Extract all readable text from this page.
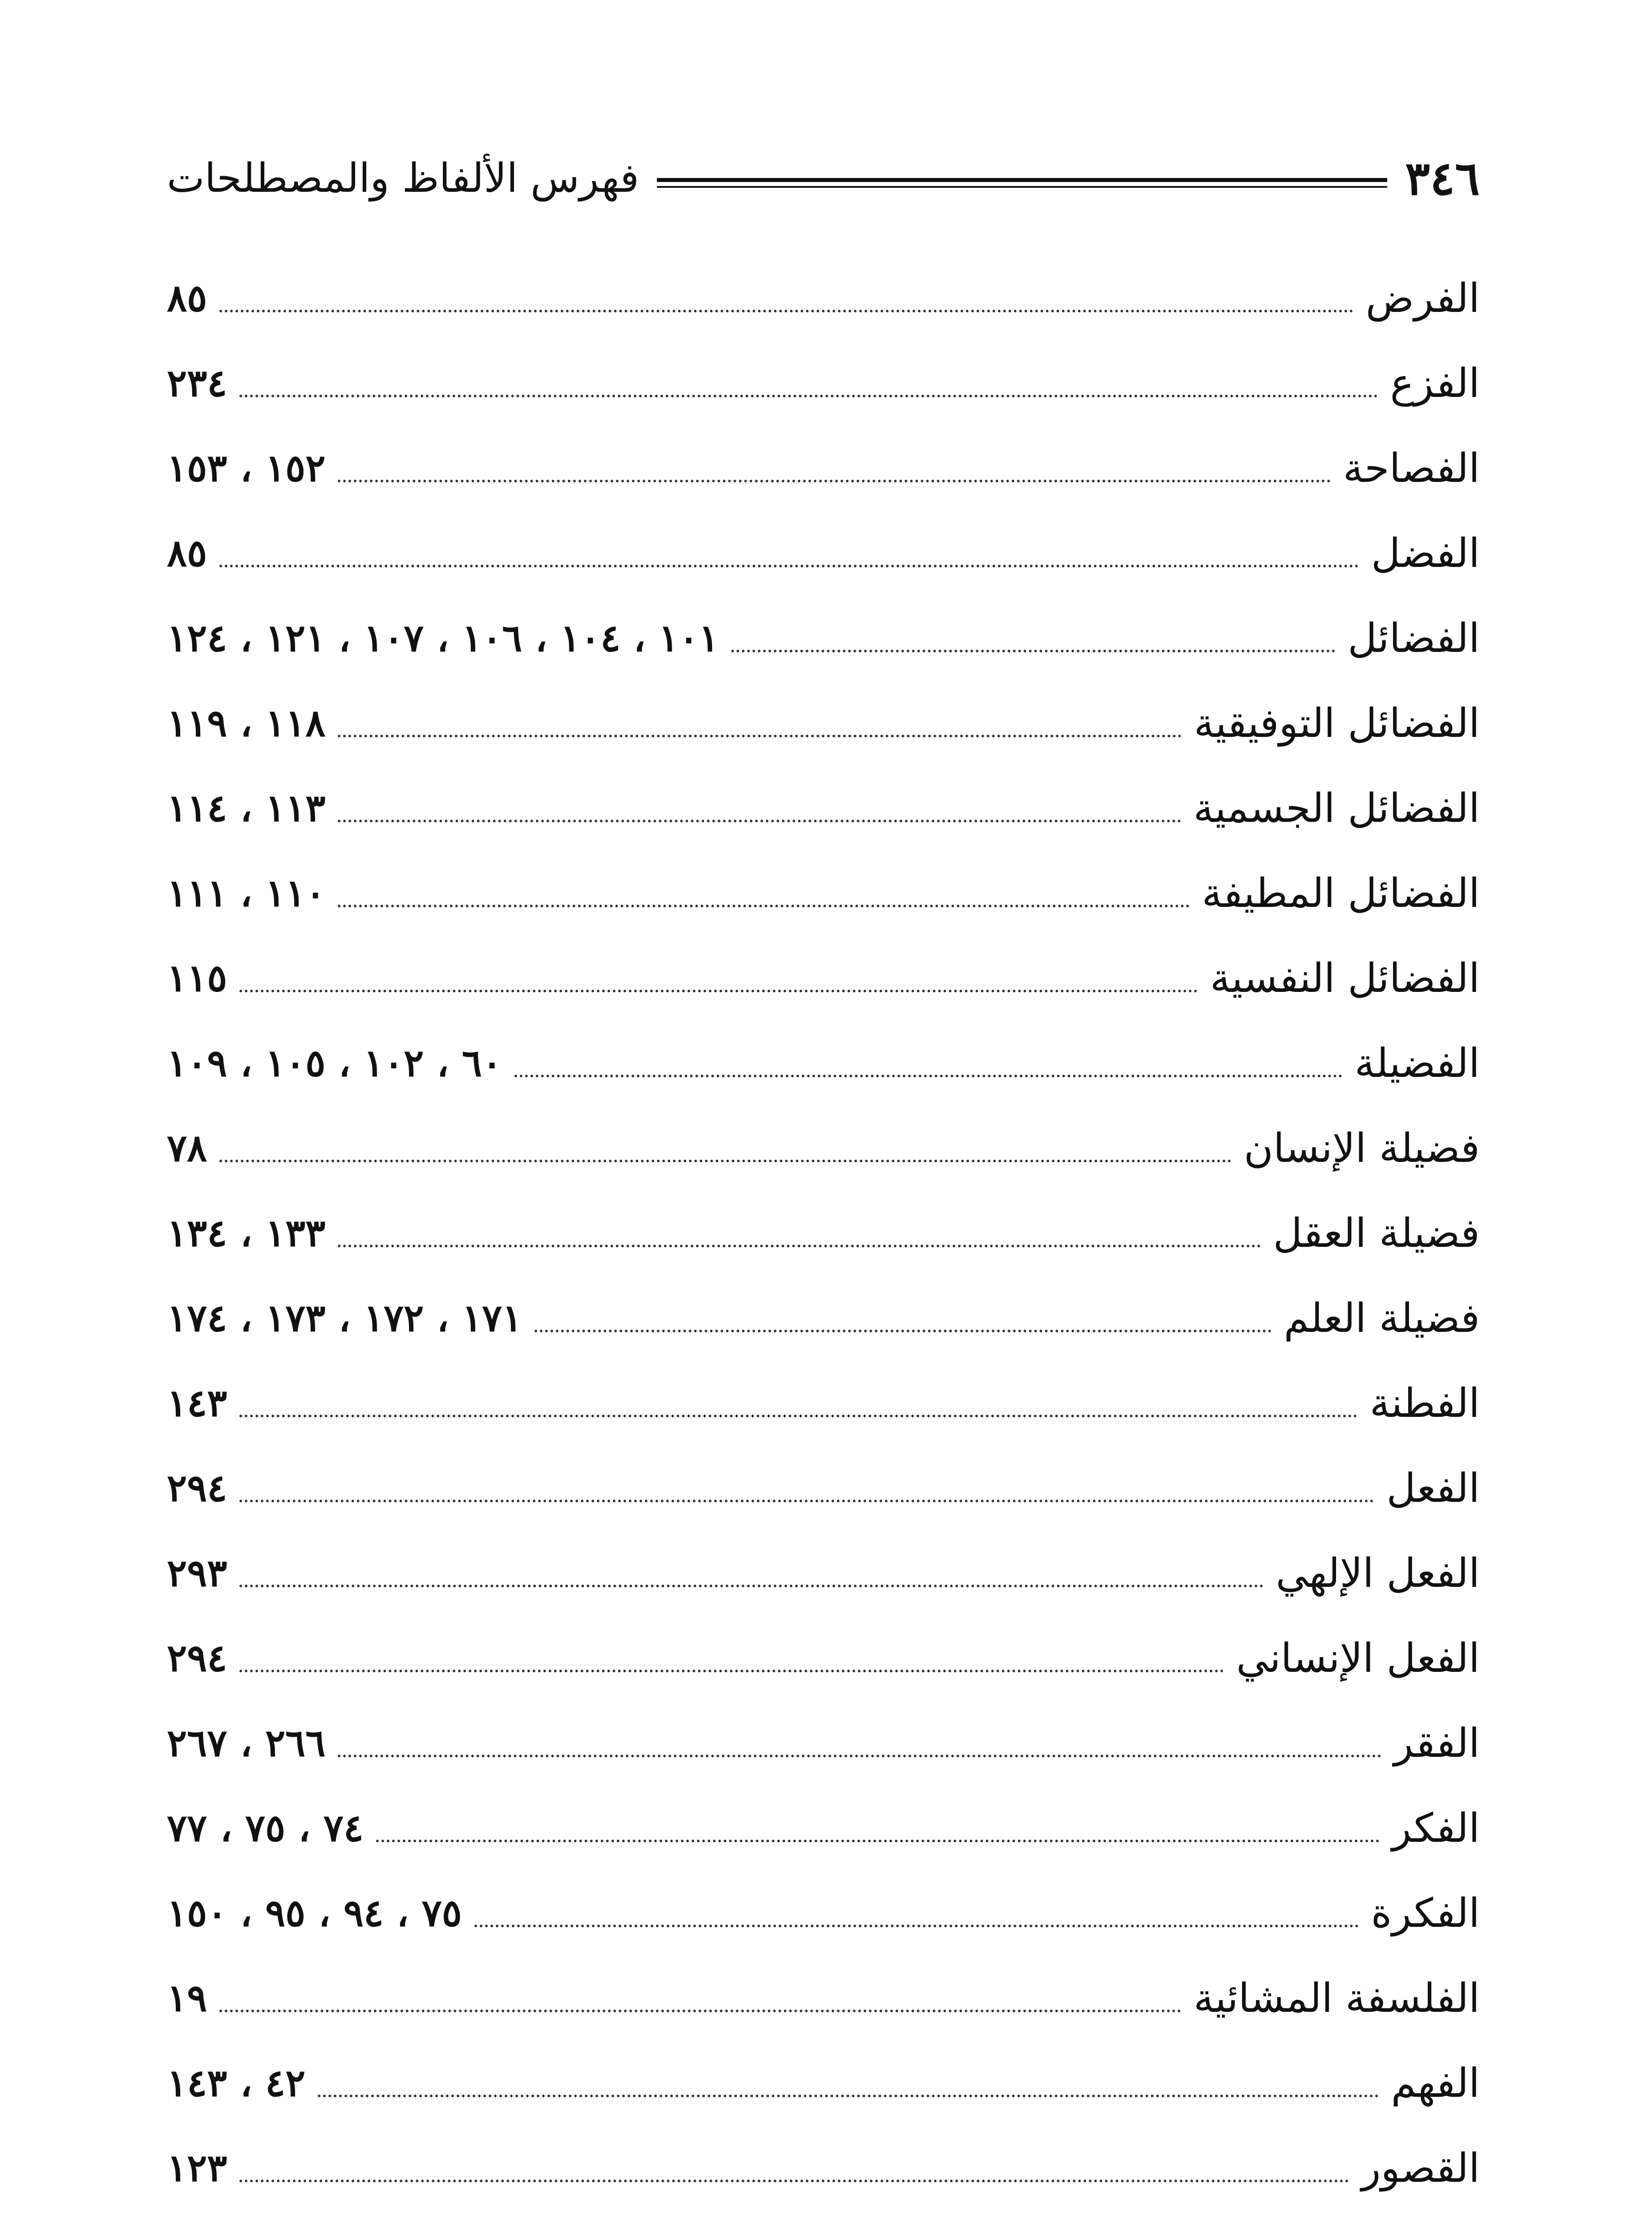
٣٤٦
فهرس الألفاظ والمصطلحات
الفرض
٨٥
الفزع
٢٣٤
الفصاحة
١٥٢ ، ١٥٣
الفضل
٨٥
الفضائل
١٠١ ، ١٠٤ ، ١٠٦ ، ١٠٧ ، ١٢١ ، ١٢٤
الفضائل التوفيقية
١١٨ ، ١١٩
الفضائل الجسمية
١١٣ ، ١١٤
الفضائل المطيفة
١١٠ ، ١١١
الفضائل النفسية
١١٥
الفضيلة
٦٠ ، ١٠٢ ، ١٠٥ ، ١٠٩
فضيلة الإنسان
٧٨
فضيلة العقل
١٣٣ ، ١٣٤
فضيلة العلم
١٧١ ، ١٧٢ ، ١٧٣ ، ١٧٤
الفطنة
١٤٣
الفعل
٢٩٤
الفعل الإلهي
٢٩٣
الفعل الإنساني
٢٩٤
الفقر
٢٦٦ ، ٢٦٧
الفكر
٧٤ ، ٧٥ ، ٧٧
الفكرة
٧٥ ، ٩٤ ، ٩٥ ، ١٥٠
الفلسفة المشائية
١٩
الفهم
٤٢ ، ١٤٣
القصور
١٢٣
